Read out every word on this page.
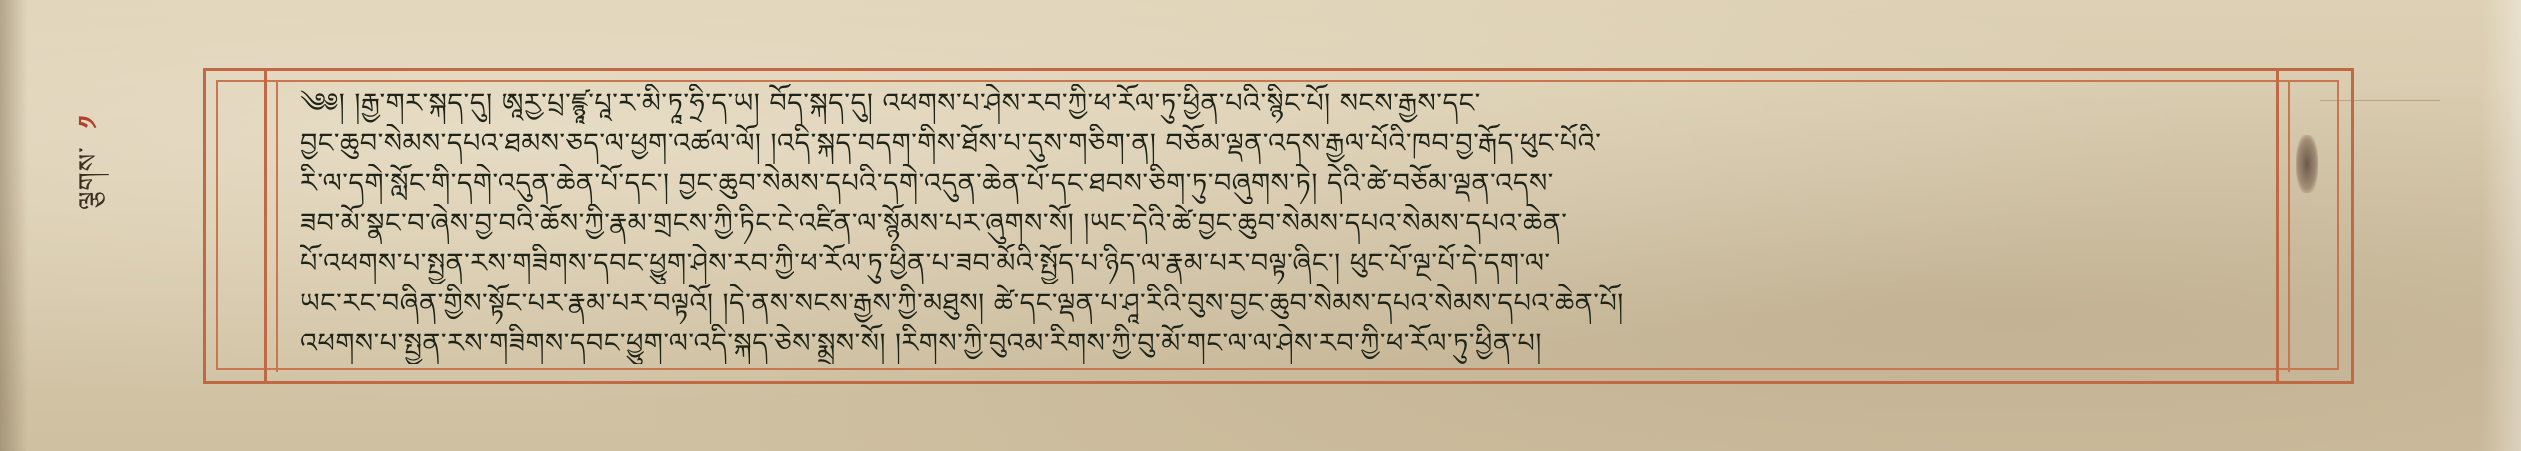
ལྕགས་
༡
༄༅། །རྒྱ་གར་སྐད་དུ། ཨཱརྱ་པྲ་ཛྙཱ་པཱ་ར་མི་ཏཱ་ཧྲི་ད་ཡ། བོད་སྐད་དུ། འཕགས་པ་ཤེས་རབ་ཀྱི་ཕ་རོལ་ཏུ་ཕྱིན་པའི་སྙིང་པོ། སངས་རྒྱས་དང་
བྱང་ཆུབ་སེམས་དཔའ་ཐམས་ཅད་ལ་ཕྱག་འཚལ་ལོ། །འདི་སྐད་བདག་གིས་ཐོས་པ་དུས་གཅིག་ན། བཅོམ་ལྡན་འདས་རྒྱལ་པོའི་ཁབ་བྱ་རྒོད་ཕུང་པོའི་
རི་ལ་དགེ་སློང་གི་དགེ་འདུན་ཆེན་པོ་དང་། བྱང་ཆུབ་སེམས་དཔའི་དགེ་འདུན་ཆེན་པོ་དང་ཐབས་ཅིག་ཏུ་བཞུགས་ཏེ། དེའི་ཚེ་བཅོམ་ལྡན་འདས་
ཟབ་མོ་སྣང་བ་ཞེས་བྱ་བའི་ཆོས་ཀྱི་རྣམ་གྲངས་ཀྱི་ཏིང་ངེ་འཛིན་ལ་སྙོམས་པར་ཞུགས་སོ། །ཡང་དེའི་ཚེ་བྱང་ཆུབ་སེམས་དཔའ་སེམས་དཔའ་ཆེན་
པོ་འཕགས་པ་སྤྱན་རས་གཟིགས་དབང་ཕྱུག་ཤེས་རབ་ཀྱི་ཕ་རོལ་ཏུ་ཕྱིན་པ་ཟབ་མོའི་སྤྱོད་པ་ཉིད་ལ་རྣམ་པར་བལྟ་ཞིང་། ཕུང་པོ་ལྔ་པོ་དེ་དག་ལ་
ཡང་རང་བཞིན་གྱིས་སྟོང་པར་རྣམ་པར་བལྟའོ། །དེ་ནས་སངས་རྒྱས་ཀྱི་མཐུས། ཚེ་དང་ལྡན་པ་ཤཱ་རིའི་བུས་བྱང་ཆུབ་སེམས་དཔའ་སེམས་དཔའ་ཆེན་པོ།
འཕགས་པ་སྤྱན་རས་གཟིགས་དབང་ཕྱུག་ལ་འདི་སྐད་ཅེས་སྨྲས་སོ། །རིགས་ཀྱི་བུའམ་རིགས་ཀྱི་བུ་མོ་གང་ལ་ལ་ཤེས་རབ་ཀྱི་ཕ་རོལ་ཏུ་ཕྱིན་པ།
